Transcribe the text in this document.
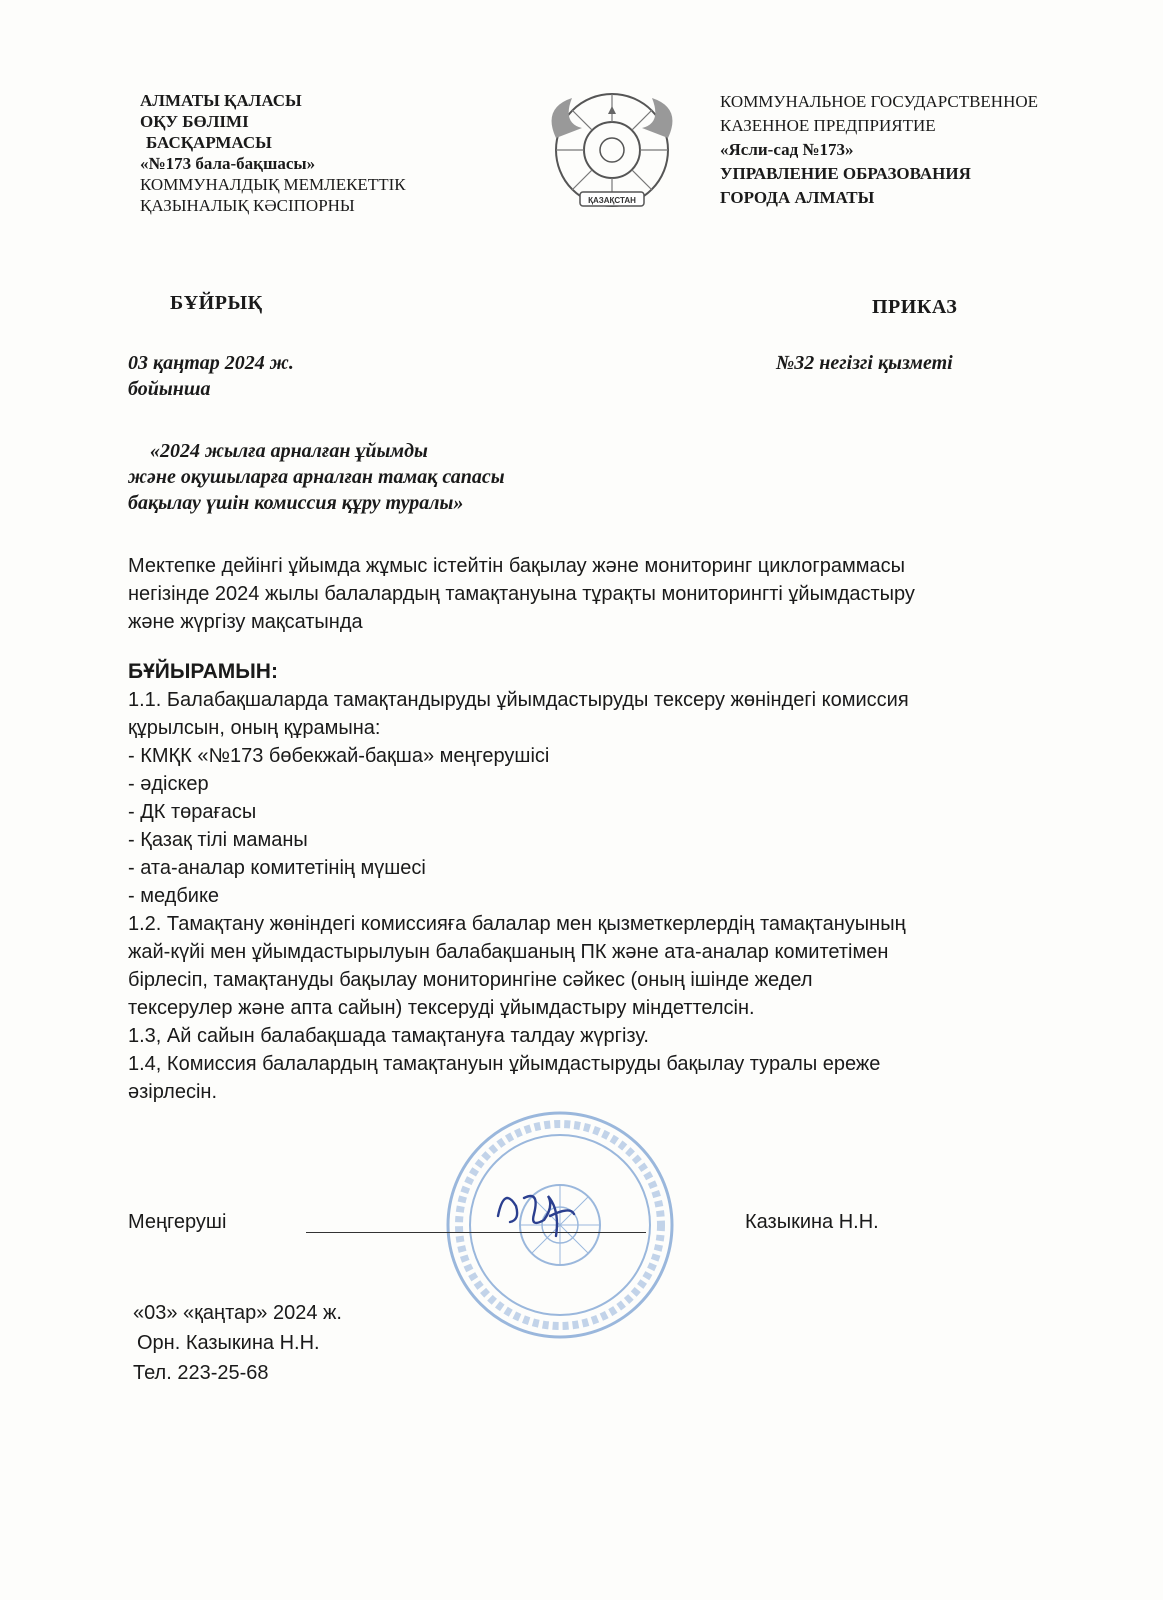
АЛМАТЫ ҚАЛАСЫ
ОҚУ БӨЛІМІ
БАСҚАРМАСЫ
«№173 бала-бақшасы»
КОММУНАЛДЫҚ МЕМЛЕКЕТТІК
ҚАЗЫНАЛЫҚ КӘСІПОРНЫ	ҚАЗАҚСТАН
КОММУНАЛЬНОЕ ГОСУДАРСТВЕННОЕ
КАЗЕННОЕ ПРЕДПРИЯТИЕ
«Ясли-сад №173»
УПРАВЛЕНИЕ ОБРАЗОВАНИЯ
ГОРОДА АЛМАТЫ
БҰЙРЫҚ	ПРИКАЗ
03 қаңтар 2024 ж.
бойынша
№32 негізгі қызметі
«2024 жылға арналған ұйымды
және оқушыларға арналған тамақ сапасы
бақылау үшін комиссия құру туралы»
Мектепке дейінгі ұйымда жұмыс істейтін бақылау және мониторинг циклограммасы
негізінде 2024 жылы балалардың тамақтануына тұрақты мониторингті ұйымдастыру
және жүргізу мақсатында
БҰЙЫРАМЫН:
1.1. Балабақшаларда тамақтандыруды ұйымдастыруды тексеру жөніндегі комиссия
құрылсын, оның құрамына:
- КМҚК «№173 бөбекжай-бақша» меңгерушісі
- әдіскер
- ДК төрағасы
- Қазақ тілі маманы
- ата-аналар комитетінің мүшесі
- медбике
1.2. Тамақтану жөніндегі комиссияға балалар мен қызметкерлердің тамақтануының
жай-күйі мен ұйымдастырылуын балабақшаның ПК және ата-аналар комитетімен
бірлесіп, тамақтануды бақылау мониторингіне сәйкес (оның ішінде жедел
тексерулер және апта сайын) тексеруді ұйымдастыру міндеттелсін.
1.3, Ай сайын балабақшада тамақтануға талдау жүргізу.
1.4, Комиссия балалардың тамақтануын ұйымдастыруды бақылау туралы ереже
әзірлесін.
Меңгеруші	Казыкина Н.Н.
«03» «қаңтар» 2024 ж.
Орн. Казыкина Н.Н.
Тел. 223-25-68
